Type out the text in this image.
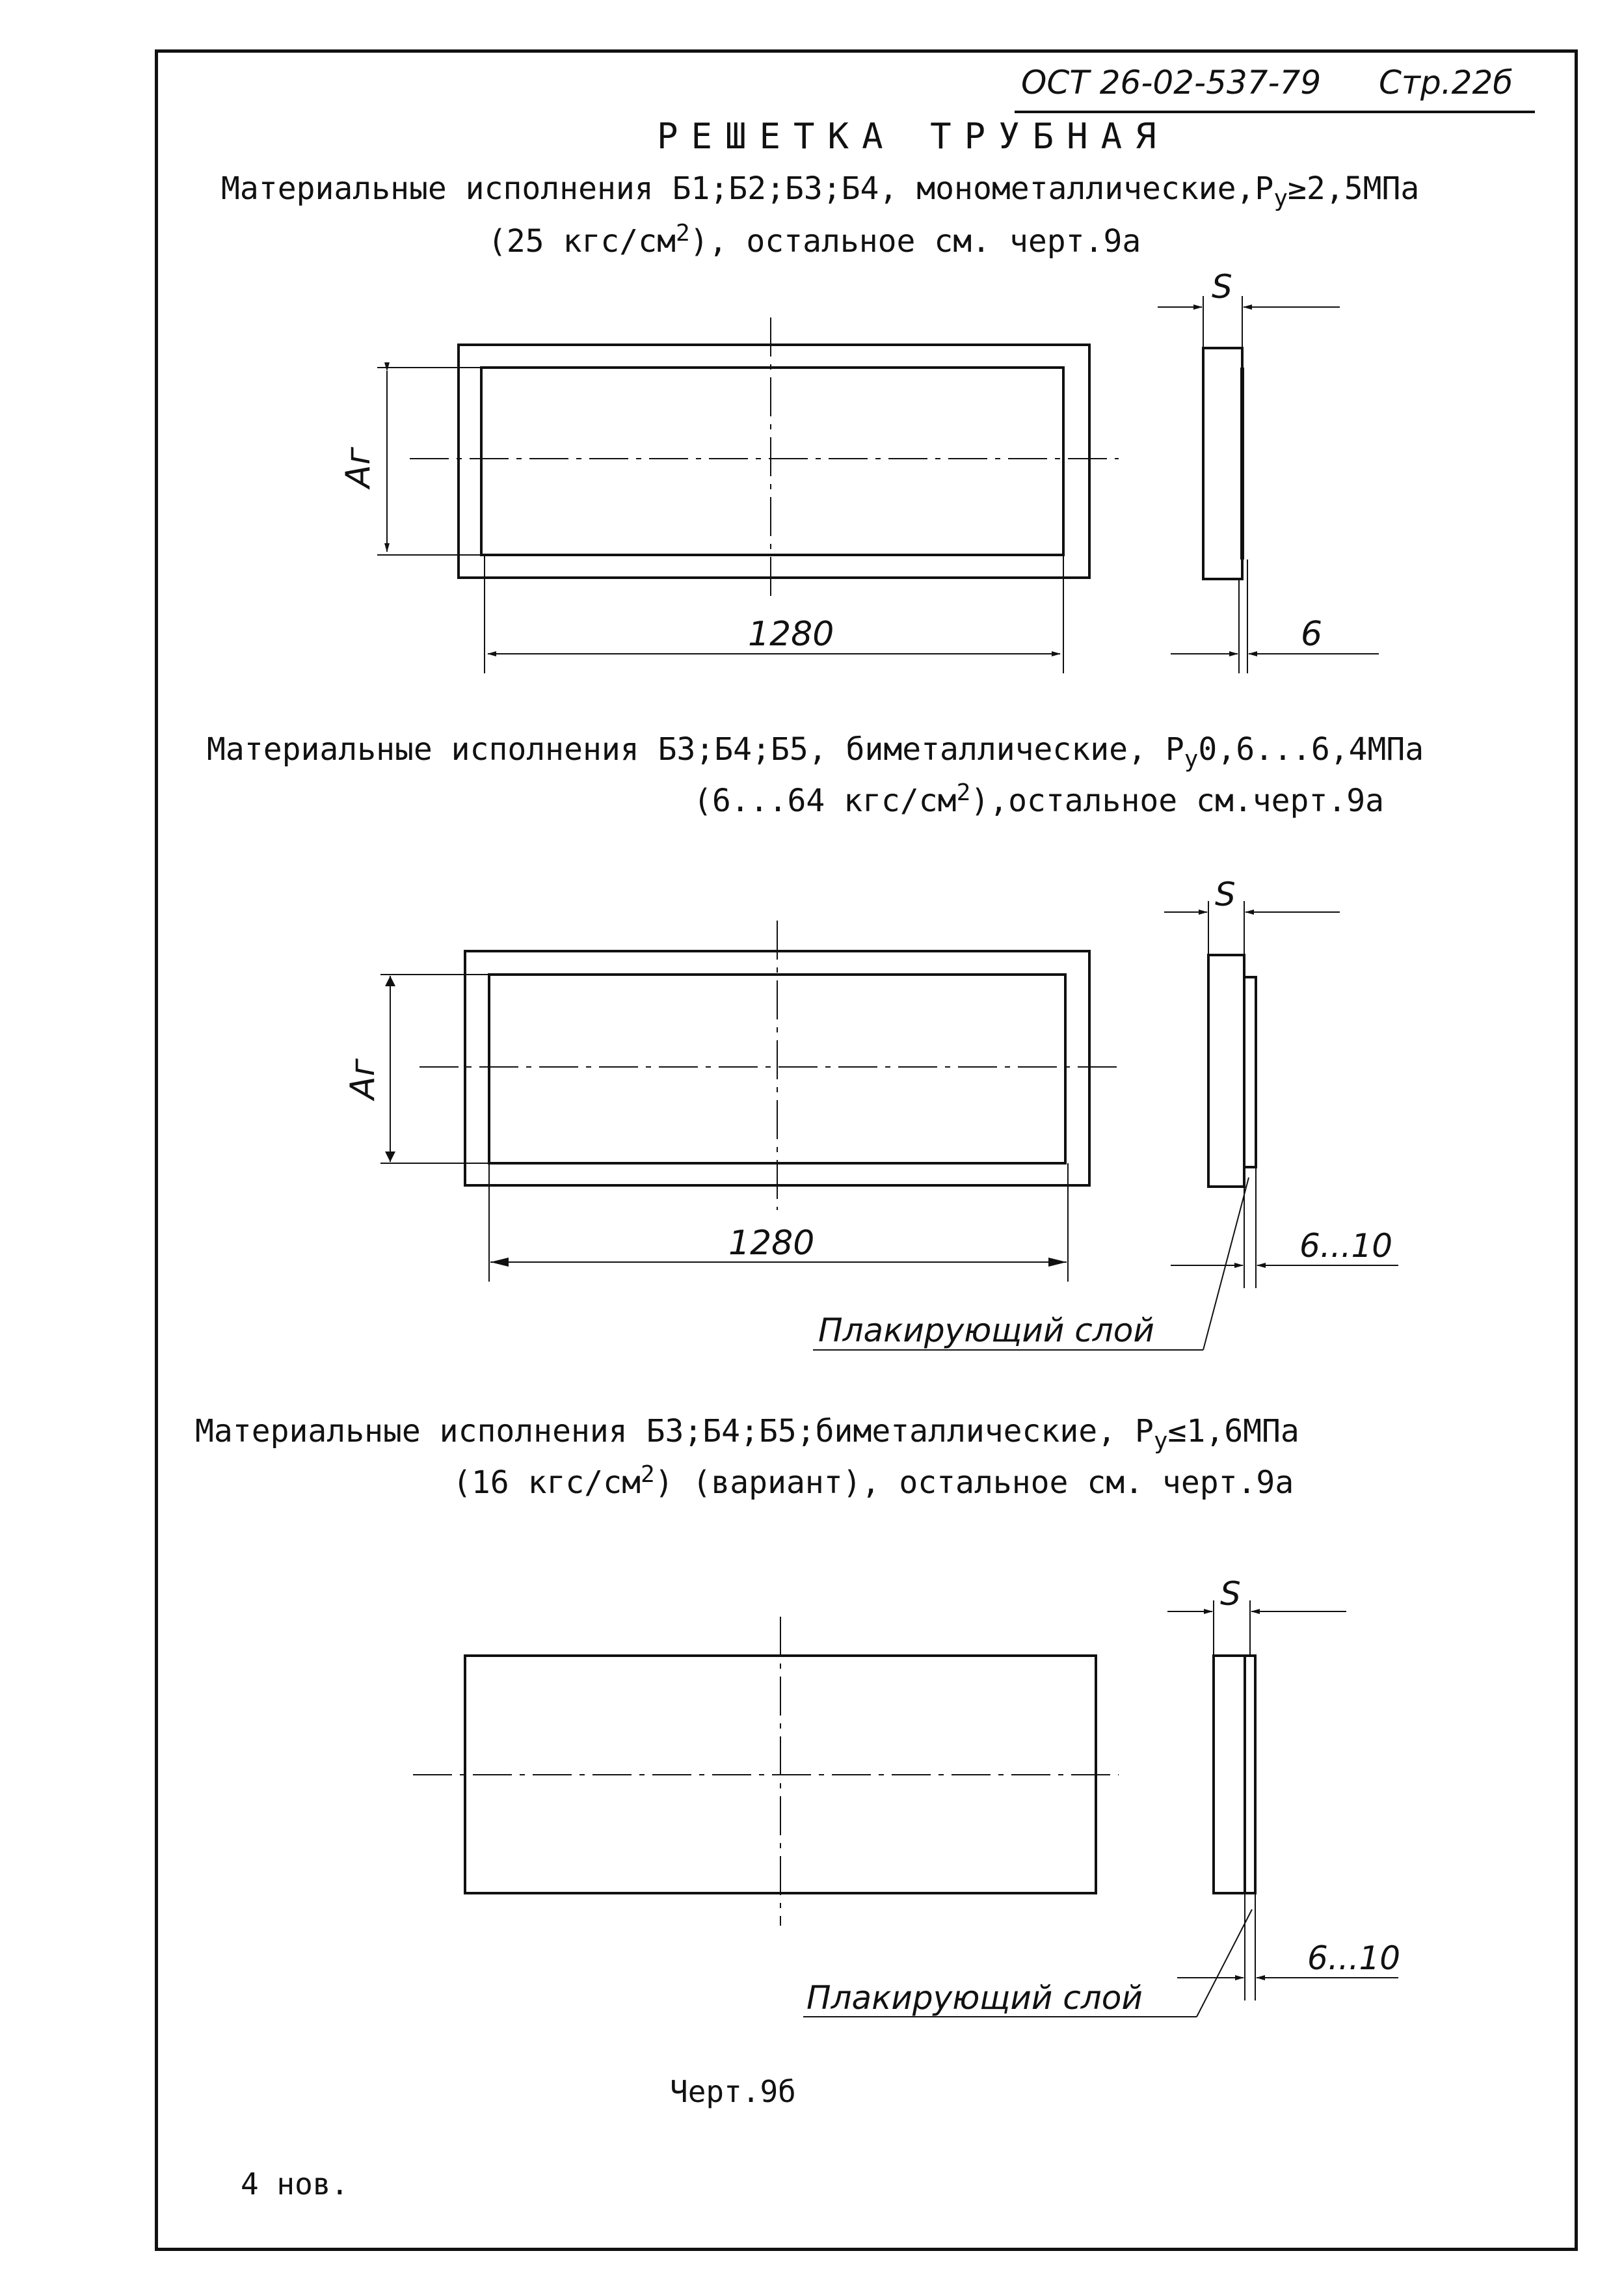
ОСТ 26-02-537-79 Стр.22б
РЕШЕТКА ТРУБНАЯ
Материальные исполнения Б1;Б2;Б3;Б4, $монометаллические,Р_у\ge 2,5МПа$
(25 кгс/$см^2$), остальное см. черт.9а
Материальные исполнения Б3;Б4;Б5, биметаллические, $Р_у0,6...6,4МПа$
(6...64 кгс/$см^2),остальное$ см.черт.9а
Материальные исполнения Б3;Б4;Б5;биметаллические, $Р_у\le 1,6МПа$
(16 кгс/$см^2$) (вариант), остальное см. черт.9а
Черт.9б
4 нов.
1280
Аг
S
6
1280
Аг
S
6...10
Плакирующий слой
S
6...10
Плакирующий слой
